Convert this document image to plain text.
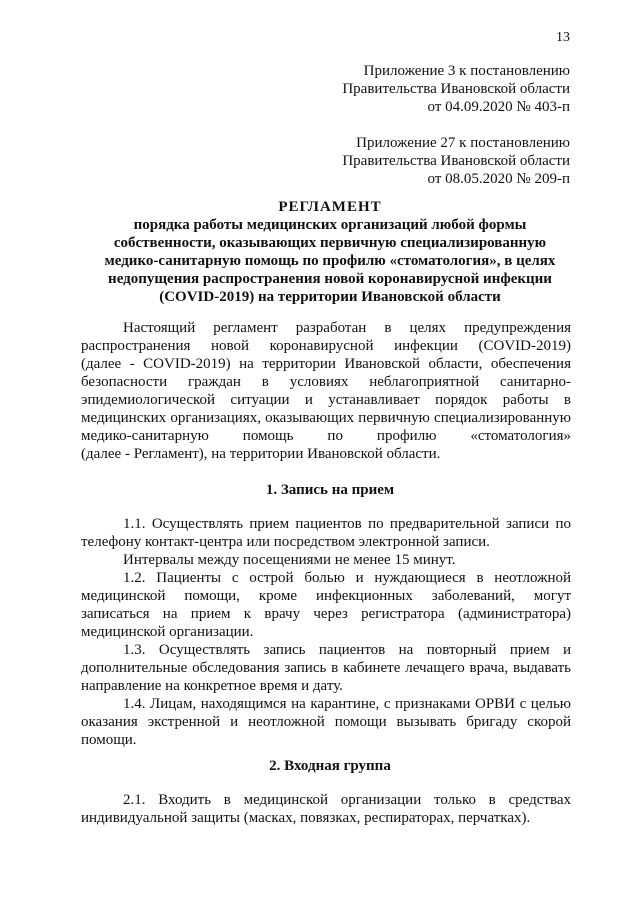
13
Приложение 3 к постановлению
Правительства Ивановской области
от 04.09.2020 № 403-п
Приложение 27 к постановлению
Правительства Ивановской области
от 08.05.2020 № 209-п
РЕГЛАМЕНТ
порядка работы медицинских организаций любой формы
собственности, оказывающих первичную специализированную
медико-санитарную помощь по профилю «стоматология», в целях
недопущения распространения новой коронавирусной инфекции
(COVID-2019) на территории Ивановской области
Настоящий регламент разработан в целях предупреждения
распространения новой коронавирусной инфекции (COVID-2019)
(далее - COVID-2019) на территории Ивановской области, обеспечения
безопасности граждан в условиях неблагоприятной санитарно-
эпидемиологической ситуации и устанавливает порядок работы в
медицинских организациях, оказывающих первичную специализированную
медико-санитарную помощь по профилю «стоматология»
(далее - Регламент), на территории Ивановской области.
1. Запись на прием
1.1. Осуществлять прием пациентов по предварительной записи по
телефону контакт-центра или посредством электронной записи.
Интервалы между посещениями не менее 15 минут.
1.2. Пациенты с острой болью и нуждающиеся в неотложной
медицинской помощи, кроме инфекционных заболеваний, могут
записаться на прием к врачу через регистратора (администратора)
медицинской организации.
1.3. Осуществлять запись пациентов на повторный прием и
дополнительные обследования запись в кабинете лечащего врача, выдавать
направление на конкретное время и дату.
1.4. Лицам, находящимся на карантине, с признаками ОРВИ с целью
оказания экстренной и неотложной помощи вызывать бригаду скорой
помощи.
2. Входная группа
2.1. Входить в медицинской организации только в средствах
индивидуальной защиты (масках, повязках, респираторах, перчатках).
